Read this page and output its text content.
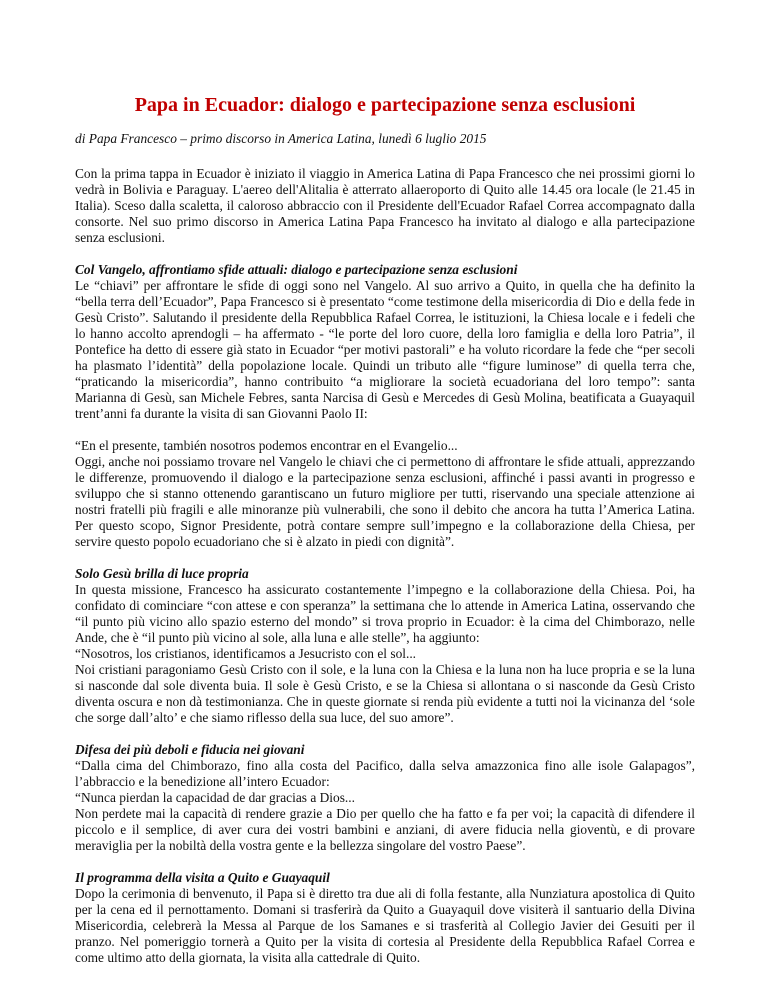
Papa in Ecuador: dialogo e partecipazione senza esclusioni
di Papa Francesco – primo discorso in America Latina, lunedì 6 luglio 2015

Con la prima tappa in Ecuador è iniziato il viaggio in America Latina di Papa Francesco che nei prossimi giorni lo vedrà in Bolivia e Paraguay. L'aereo dell'Alitalia è atterrato allaeroporto di Quito alle 14.45 ora locale (le 21.45 in Italia). Sceso dalla scaletta, il caloroso abbraccio con il Presidente dell'Ecuador Rafael Correa accompagnato dalla consorte. Nel suo primo discorso in America Latina Papa Francesco ha invitato al dialogo e alla partecipazione senza esclusioni.

Col Vangelo, affrontiamo sfide attuali: dialogo e partecipazione senza esclusioni

Le “chiavi” per affrontare le sfide di oggi sono nel Vangelo. Al suo arrivo a Quito, in quella che ha definito la “bella terra dell’Ecuador”, Papa Francesco si è presentato “come testimone della misericordia di Dio e della fede in Gesù Cristo”. Salutando il presidente della Repubblica Rafael Correa, le istituzioni, la Chiesa locale e i fedeli che lo hanno accolto aprendogli – ha affermato - “le porte del loro cuore, della loro famiglia e della loro Patria”, il Pontefice ha detto di essere già stato in Ecuador “per motivi pastorali” e ha voluto ricordare la fede che “per secoli ha plasmato l’identità” della popolazione locale. Quindi un tributo alle “figure luminose” di quella terra che, “praticando la misericordia”, hanno contribuito “a migliorare la società ecuadoriana del loro tempo”: santa Marianna di Gesù, san Michele Febres, santa Narcisa di Gesù e Mercedes di Gesù Molina, beatificata a Guayaquil trent’anni fa durante la visita di san Giovanni Paolo II:

“En el presente, también nosotros podemos encontrar en el Evangelio...

Oggi, anche noi possiamo trovare nel Vangelo le chiavi che ci permettono di affrontare le sfide attuali, apprezzando le differenze, promuovendo il dialogo e la partecipazione senza esclusioni, affinché i passi avanti in progresso e sviluppo che si stanno ottenendo garantiscano un futuro migliore per tutti, riservando una speciale attenzione ai nostri fratelli più fragili e alle minoranze più vulnerabili, che sono il debito che ancora ha tutta l’America Latina. Per questo scopo, Signor Presidente, potrà contare sempre sull’impegno e la collaborazione della Chiesa, per servire questo popolo ecuadoriano che si è alzato in piedi con dignità”.

Solo Gesù brilla di luce propria

In questa missione, Francesco ha assicurato costantemente l’impegno e la collaborazione della Chiesa. Poi, ha confidato di cominciare “con attese e con speranza” la settimana che lo attende in America Latina, osservando che “il punto più vicino allo spazio esterno del mondo” si trova proprio in Ecuador: è la cima del Chimborazo, nelle Ande, che è “il punto più vicino al sole, alla luna e alle stelle”, ha aggiunto:

“Nosotros, los cristianos, identificamos a Jesucristo con el sol...

Noi cristiani paragoniamo Gesù Cristo con il sole, e la luna con la Chiesa e la luna non ha luce propria e se la luna si nasconde dal sole diventa buia. Il sole è Gesù Cristo, e se la Chiesa si allontana o si nasconde da Gesù Cristo diventa oscura e non dà testimonianza. Che in queste giornate si renda più evidente a tutti noi la vicinanza del ‘sole che sorge dall’alto’ e che siamo riflesso della sua luce, del suo amore”.

Difesa dei più deboli e fiducia nei giovani

“Dalla cima del Chimborazo, fino alla costa del Pacifico, dalla selva amazzonica fino alle isole Galapagos”, l’abbraccio e la benedizione all’intero Ecuador:

“Nunca pierdan la capacidad de dar gracias a Dios...

Non perdete mai la capacità di rendere grazie a Dio per quello che ha fatto e fa per voi; la capacità di difendere il piccolo e il semplice, di aver cura dei vostri bambini e anziani, di avere fiducia nella gioventù, e di provare meraviglia per la nobiltà della vostra gente e la bellezza singolare del vostro Paese”.

Il programma della visita a Quito e Guayaquil

Dopo la cerimonia di benvenuto, il Papa si è diretto tra due ali di folla festante, alla Nunziatura apostolica di Quito per la cena ed il pernottamento. Domani si trasferirà da Quito a Guayaquil dove visiterà il santuario della Divina Misericordia, celebrerà la Messa al Parque de los Samanes e si trasferità al Collegio Javier dei Gesuiti per il pranzo. Nel pomeriggio tornerà a Quito per la visita di cortesia al Presidente della Repubblica Rafael Correa e come ultimo atto della giornata, la visita alla cattedrale di Quito.
